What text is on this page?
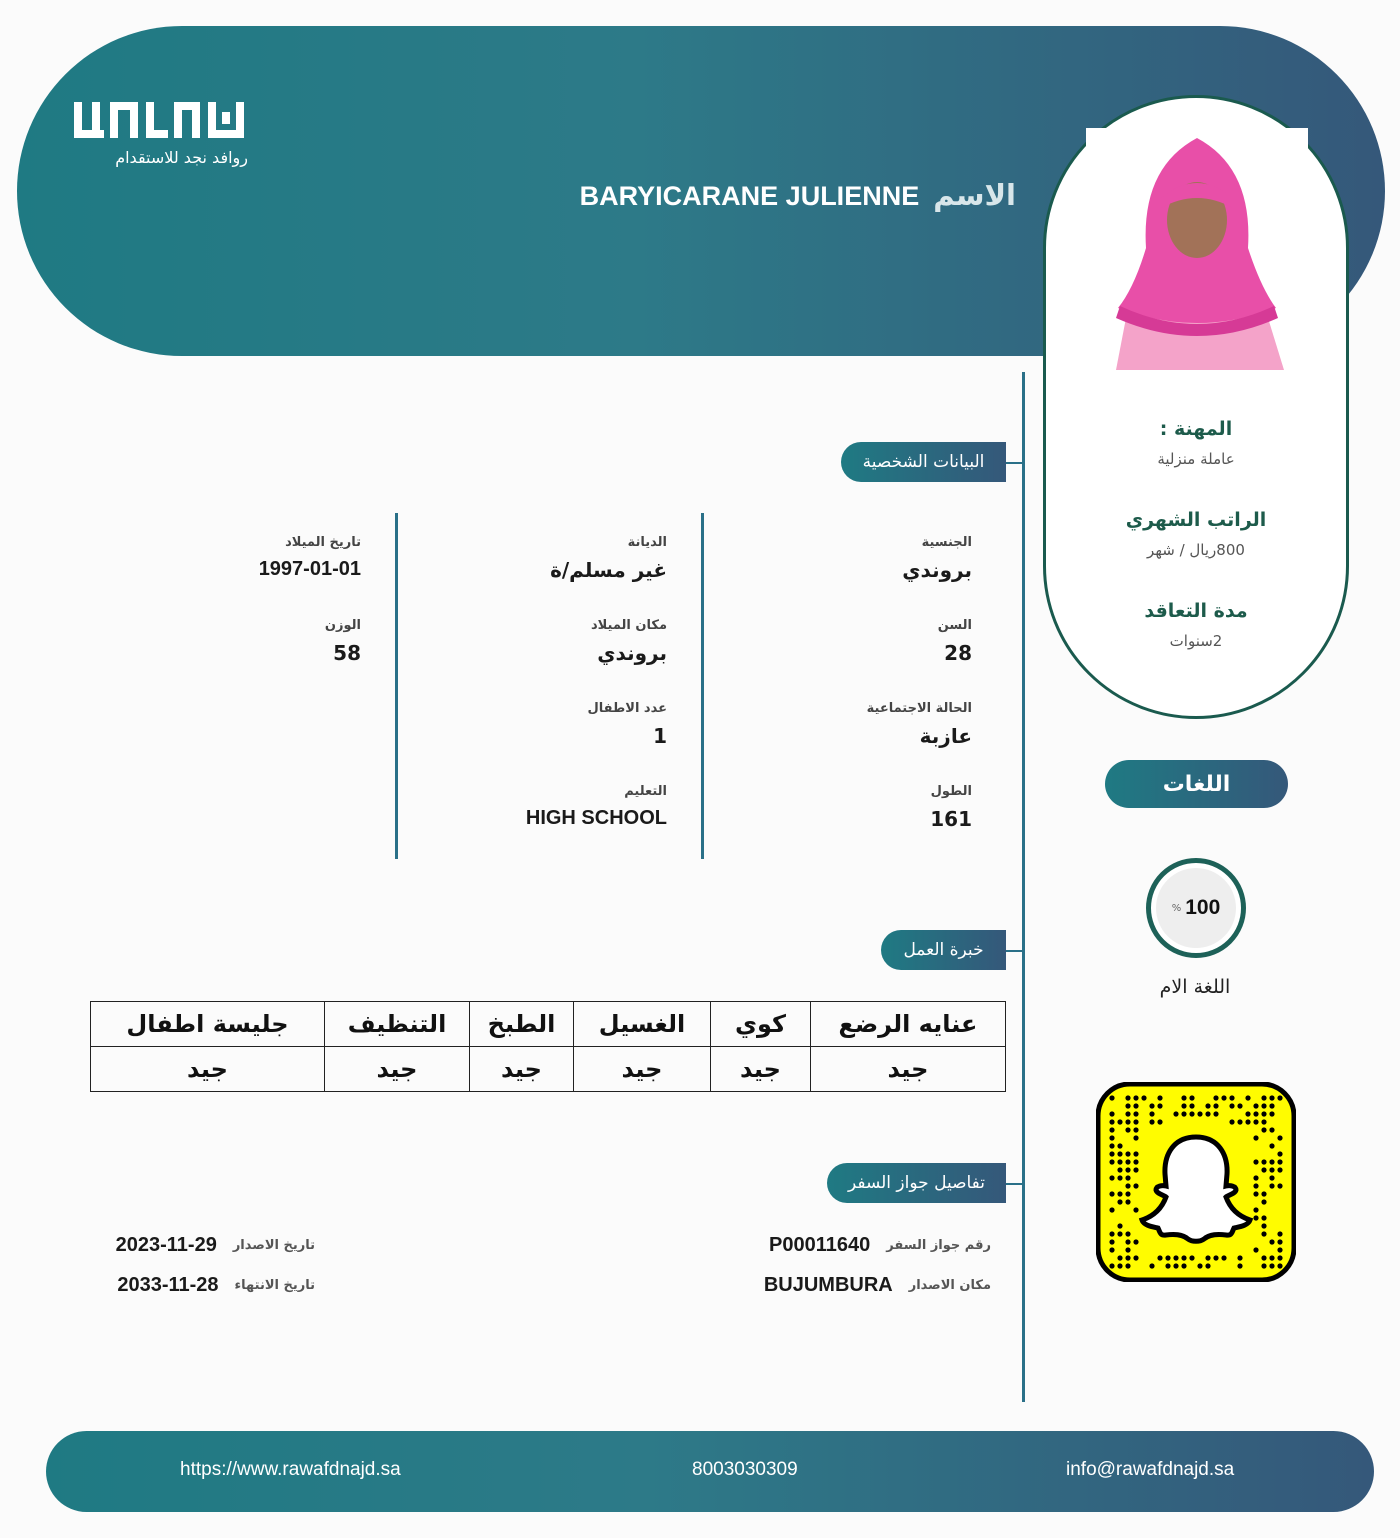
روافد نجد للاستقدام
BARYICARANE JULIENNE الاسم
المهنة :
عاملة منزلية
الراتب الشهري
800ريال / شهر
مدة التعاقد
2سنوات
البيانات الشخصية
الجنسية
بروندي
السن
28
الحالة الاجتماعية
عازبة
الطول
161
الديانة
غير مسلم/ة
مكان الميلاد
بروندي
عدد الاطفال
1
التعليم
HIGH SCHOOL
تاريخ الميلاد
1997-01-01
الوزن
58
خبرة العمل
عنايه الرضع	كوي	الغسيل	الطبخ	التنظيف	جليسة اطفال
جيد	جيد	جيد	جيد	جيد	جيد
تفاصيل جواز السفر
رقم جواز السفر
P00011640
مكان الاصدار
BUJUMBURA
تاريخ الاصدار
2023-11-29
تاريخ الانتهاء
2033-11-28
اللغات
% 100
اللغة الام
https://www.rawafdnajd.sa	8003030309	info@rawafdnajd.sa
